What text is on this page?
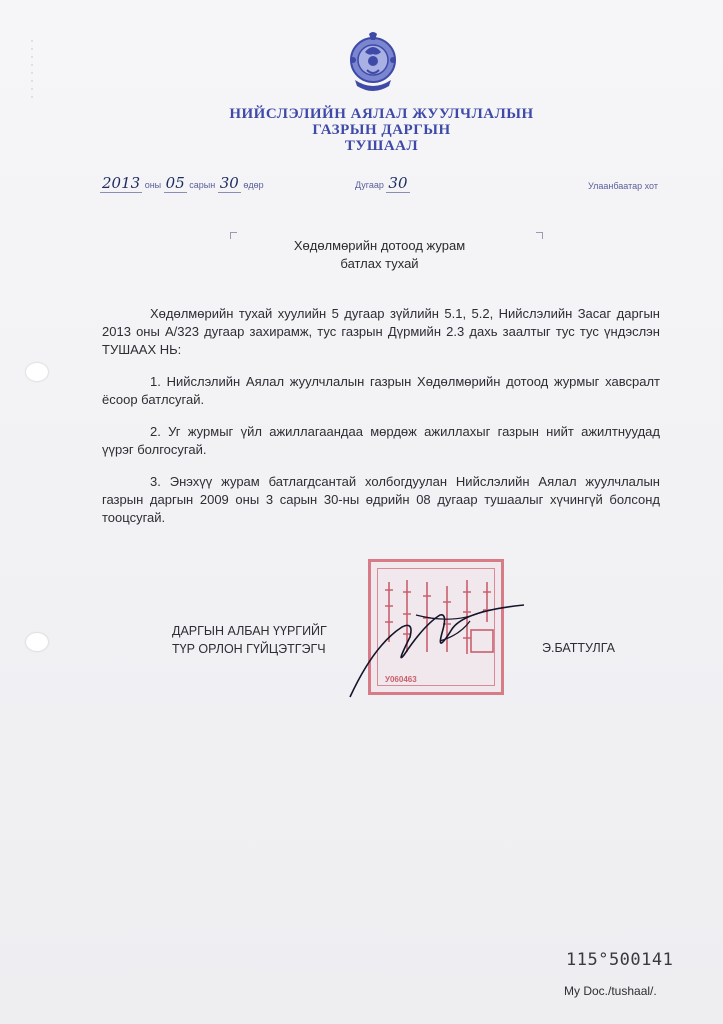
НИЙСЛЭЛИЙН АЯЛАЛ ЖУУЛЧЛАЛЫН
ГАЗРЫН ДАРГЫН
ТУШААЛ
2013 оны 05 сарын 30 өдөр	Дугаар 30	Улаанбаатар хот
Хөдөлмөрийн дотоод журам
батлах тухай
Хөдөлмөрийн тухай хуулийн 5 дугаар зүйлийн 5.1, 5.2, Нийслэлийн Засаг даргын 2013 оны А/323 дугаар захирамж, тус газрын Дүрмийн 2.3 дахь заалтыг тус тус үндэслэн ТУШААХ НЬ:
1. Нийслэлийн Аялал жуулчлалын газрын Хөдөлмөрийн дотоод журмыг хавсралт ёсоор батлсугай.
2. Уг журмыг үйл ажиллагаандаа мөрдөж ажиллахыг газрын нийт ажилтнуудад үүрэг болгосугай.
3. Энэхүү журам батлагдсантай холбогдуулан Нийслэлийн Аялал жуулчлалын газрын даргын 2009 оны 3 сарын 30-ны өдрийн 08 дугаар тушаалыг хүчингүй болсонд тооцсугай.
ДАРГЫН АЛБАН ҮҮРГИЙГ
ТҮР ОРЛОН ГҮЙЦЭТГЭГЧ
У060463
Э.БАТТУЛГА
115°500141
My Doc./tushaal/.
